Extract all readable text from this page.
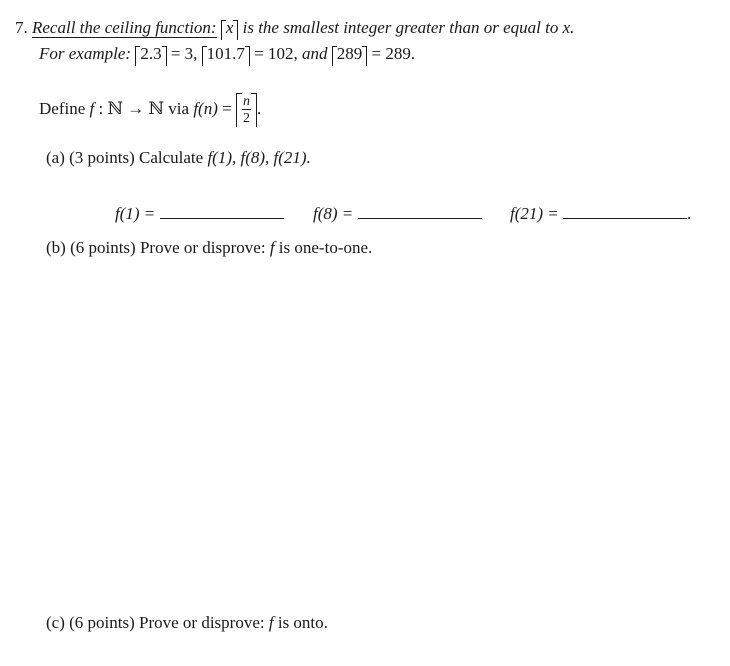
7. Recall the ceiling function: x is the smallest integer greater than or equal to x.
For example: 2.3 = 3, 101.7 = 102, and 289 = 289.
Define f : ℕ → ℕ via $f(n) = \frac{n}{2}$ .
(a) (3 points) Calculate f(1), f(8), f(21).
f(1) =	f(8) =	f(21) =	.
(b) (6 points) Prove or disprove: f is one-to-one.
(c) (6 points) Prove or disprove: f is onto.
